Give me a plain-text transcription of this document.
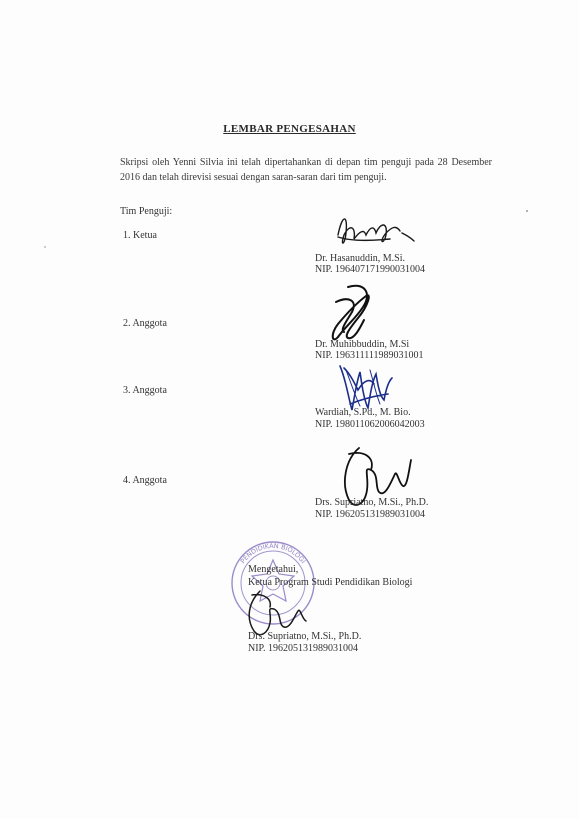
LEMBAR PENGESAHAN
Skripsi oleh Yenni Silvia ini telah dipertahankan di depan tim penguji pada 28 Desember 2016 dan telah direvisi sesuai dengan saran-saran dari tim penguji.
Tim Penguji:
1. Ketua
Dr. Hasanuddin, M.Si.
NIP. 196407171990031004
2. Anggota
Dr. Muhibbuddin, M.Si
NIP. 196311111989031001
3. Anggota
Wardiah, S.Pd., M. Bio.
NIP. 198011062006042003
4. Anggota
Drs. Supriatno, M.Si., Ph.D.
NIP. 196205131989031004
PENDIDIKAN BIOLOGI
Mengetahui,
Ketua Program Studi Pendidikan Biologi
Drs. Supriatno, M.Si., Ph.D.
NIP. 196205131989031004
